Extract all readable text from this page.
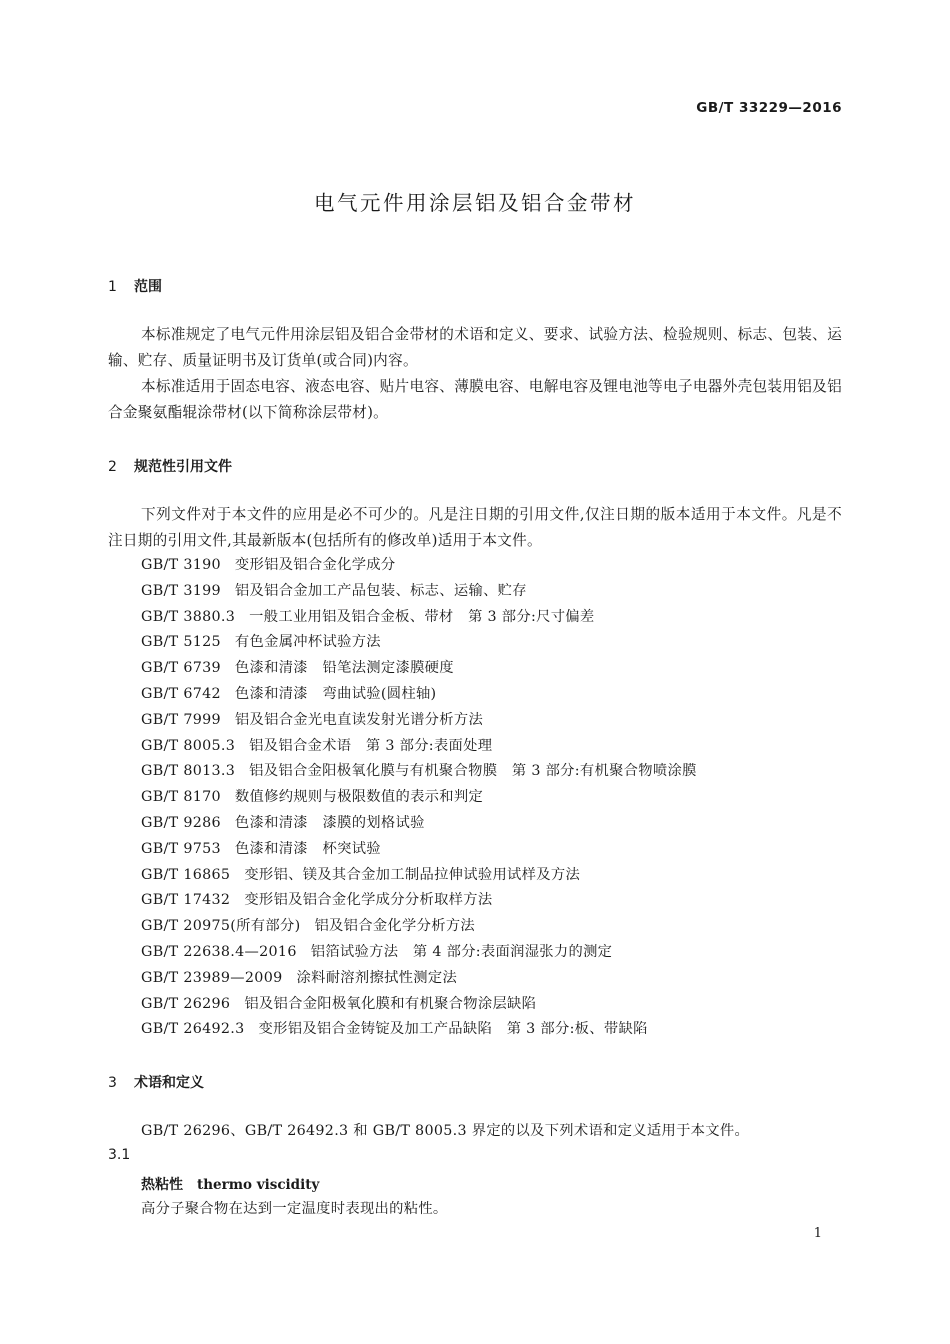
GB/T 33229—2016
电气元件用涂层铝及铝合金带材
1 范围
本标准规定了电气元件用涂层铝及铝合金带材的术语和定义、要求、试验方法、检验规则、标志、包装、运输、贮存、质量证明书及订货单(或合同)内容。
本标准适用于固态电容、液态电容、贴片电容、薄膜电容、电解电容及锂电池等电子电器外壳包装用铝及铝合金聚氨酯辊涂带材(以下简称涂层带材)。
2 规范性引用文件
下列文件对于本文件的应用是必不可少的。凡是注日期的引用文件,仅注日期的版本适用于本文件。凡是不注日期的引用文件,其最新版本(包括所有的修改单)适用于本文件。
GB/T 3190 变形铝及铝合金化学成分
GB/T 3199 铝及铝合金加工产品包装、标志、运输、贮存
GB/T 3880.3 一般工业用铝及铝合金板、带材　第 3 部分:尺寸偏差
GB/T 5125 有色金属冲杯试验方法
GB/T 6739 色漆和清漆　铅笔法测定漆膜硬度
GB/T 6742 色漆和清漆　弯曲试验(圆柱轴)
GB/T 7999 铝及铝合金光电直读发射光谱分析方法
GB/T 8005.3 铝及铝合金术语　第 3 部分:表面处理
GB/T 8013.3 铝及铝合金阳极氧化膜与有机聚合物膜　第 3 部分:有机聚合物喷涂膜
GB/T 8170 数值修约规则与极限数值的表示和判定
GB/T 9286 色漆和清漆　漆膜的划格试验
GB/T 9753 色漆和清漆　杯突试验
GB/T 16865 变形铝、镁及其合金加工制品拉伸试验用试样及方法
GB/T 17432 变形铝及铝合金化学成分分析取样方法
GB/T 20975(所有部分) 铝及铝合金化学分析方法
GB/T 22638.4—2016 铝箔试验方法　第 4 部分:表面润湿张力的测定
GB/T 23989—2009 涂料耐溶剂擦拭性测定法
GB/T 26296 铝及铝合金阳极氧化膜和有机聚合物涂层缺陷
GB/T 26492.3 变形铝及铝合金铸锭及加工产品缺陷　第 3 部分:板、带缺陷
3 术语和定义
GB/T 26296、GB/T 26492.3 和 GB/T 8005.3 界定的以及下列术语和定义适用于本文件。
3.1
热粘性 thermo viscidity
高分子聚合物在达到一定温度时表现出的粘性。
1
